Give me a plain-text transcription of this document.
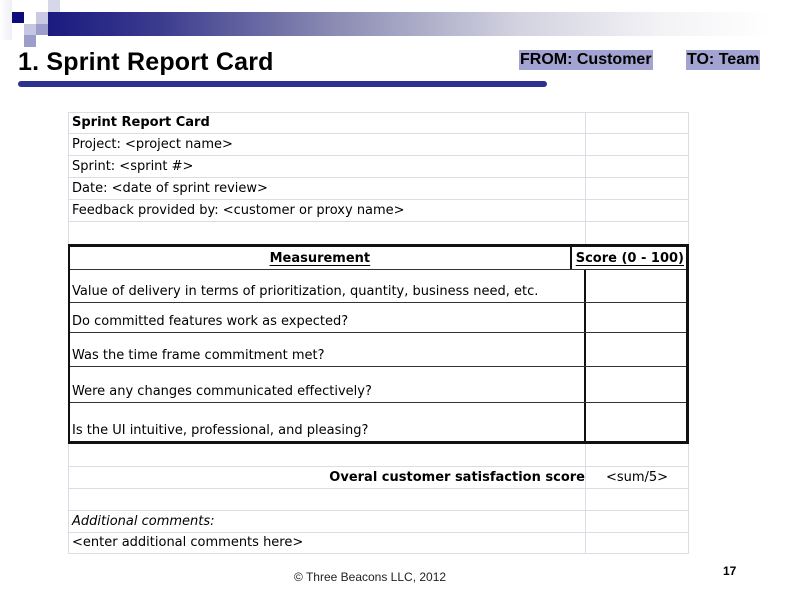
1. Sprint Report Card	FROM: Customer TO: Team
Sprint Report Card
Project: <project name>
Sprint: <sprint #>
Date: <date of sprint review>
Feedback provided by: <customer or proxy name>
Measurement	Score (0 - 100)
Value of delivery in terms of prioritization, quantity, business need, etc.
Do committed features work as expected?
Was the time frame commitment met?
Were any changes communicated effectively?
Is the UI intuitive, professional, and pleasing?
Overal customer satisfaction score	<sum/5>
Additional comments:
<enter additional comments here>
© Three Beacons LLC, 2012	17
